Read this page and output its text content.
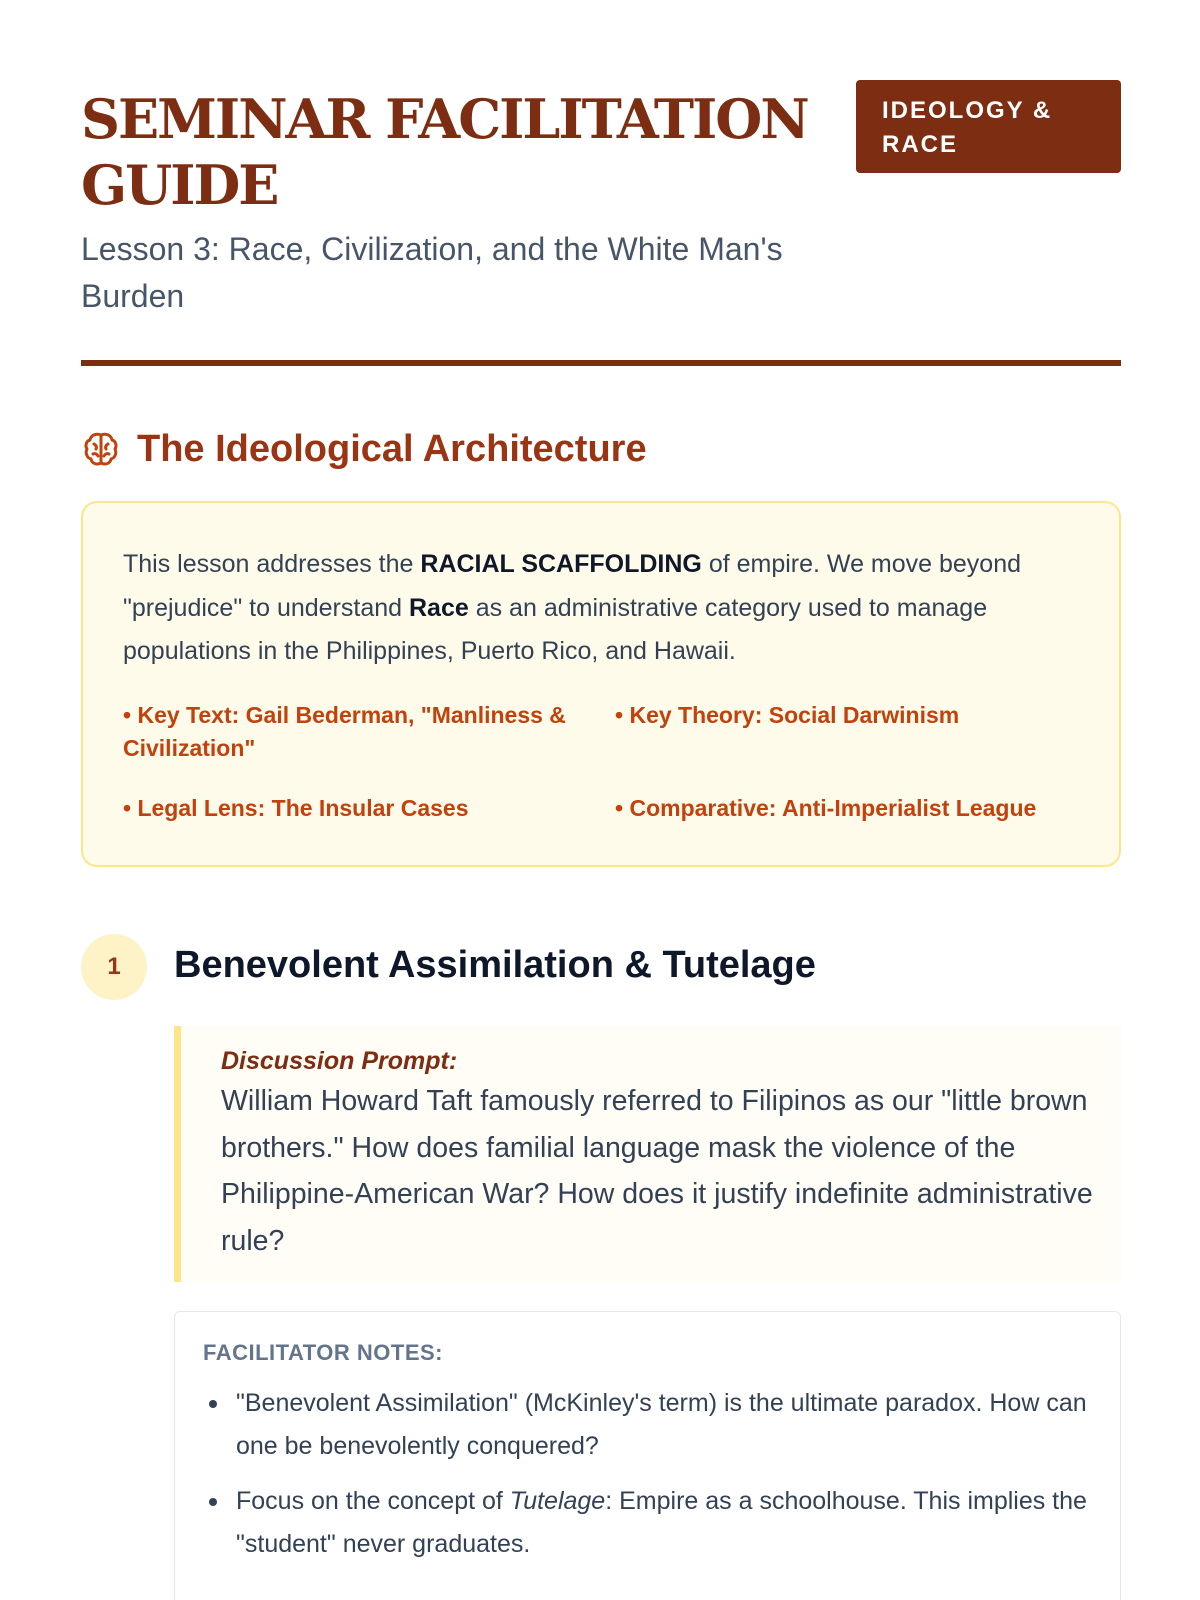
SEMINAR FACILITATION GUIDE
IDEOLOGY & RACE
Lesson 3: Race, Civilization, and the White Man's Burden
The Ideological Architecture

This lesson addresses the RACIAL SCAFFOLDING of empire. We move beyond "prejudice" to understand Race as an administrative category used to manage populations in the Philippines, Puerto Rico, and Hawaii.

• Key Text: Gail Bederman, "Manliness & Civilization"
• Key Theory: Social Darwinism
• Legal Lens: The Insular Cases
•	Comparative: Anti-Imperialist League
1	Benevolent Assimilation & Tutelage
Discussion Prompt:
William Howard Taft famously referred to Filipinos as our "little brown brothers." How does familial language mask the violence of the Philippine-American War? How does it justify indefinite administrative rule?
FACILITATOR NOTES:
"Benevolent Assimilation" (McKinley's term) is the ultimate paradox. How can one be benevolently conquered?
Focus on the concept of Tutelage: Empire as a schoolhouse. This implies the "student" never graduates.
